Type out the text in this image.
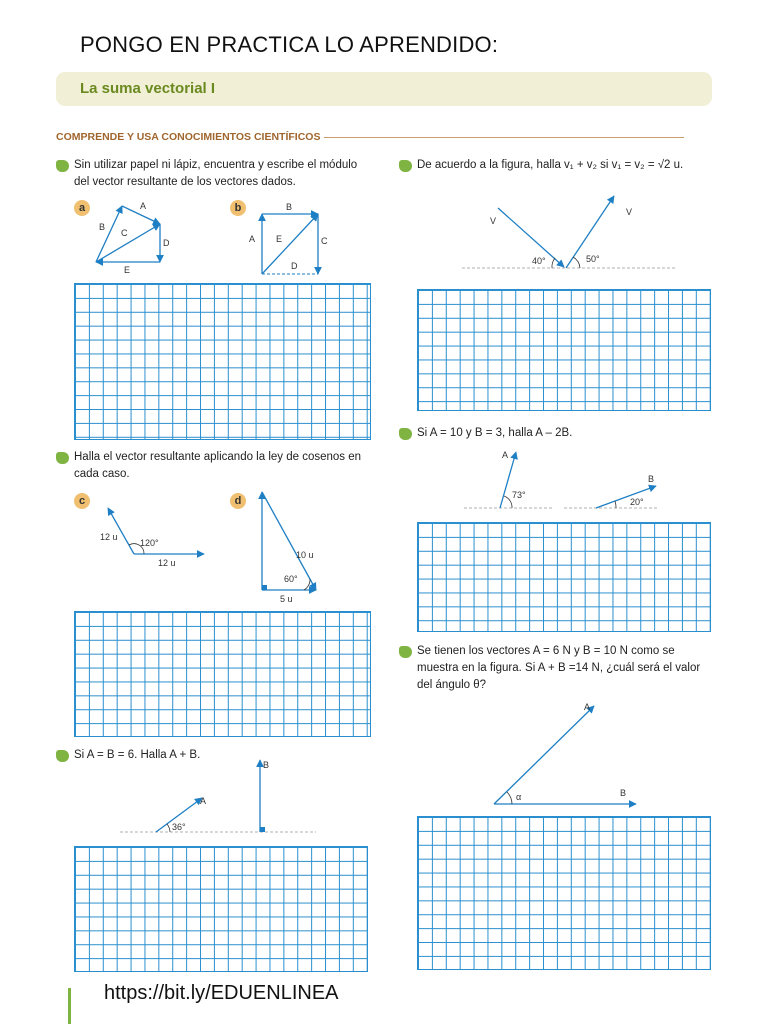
PONGO EN PRACTICA LO APRENDIDO:
La suma vectorial I
COMPRENDE Y USA CONOCIMIENTOS CIENTÍFICOS
Sin utilizar papel ni lápiz, encuentra y escribe el módulo
del vector resultante de los vectores dados.
a	b
A
B
C
D
E
B
A E	C
D
Halla el vector resultante aplicando la ley de cosenos en
cada caso.
c	d
12 u
120°
12 u
10 u
60°
5 u
Si A = B = 6. Halla A + B.
A
B
36°
De acuerdo a la figura, halla v₁ + v₂ si v₁ = v₂ = √2 u.
V
V
40°	50°
Si A = 10 y B = 3, halla A – 2B.
A
B
73°
20°
Se tienen los vectores A = 6 N y B = 10 N como se
muestra en la figura. Si A + B =14 N, ¿cuál será el valor
del ángulo θ?
A
B
α
https://bit.ly/EDUENLINEA
